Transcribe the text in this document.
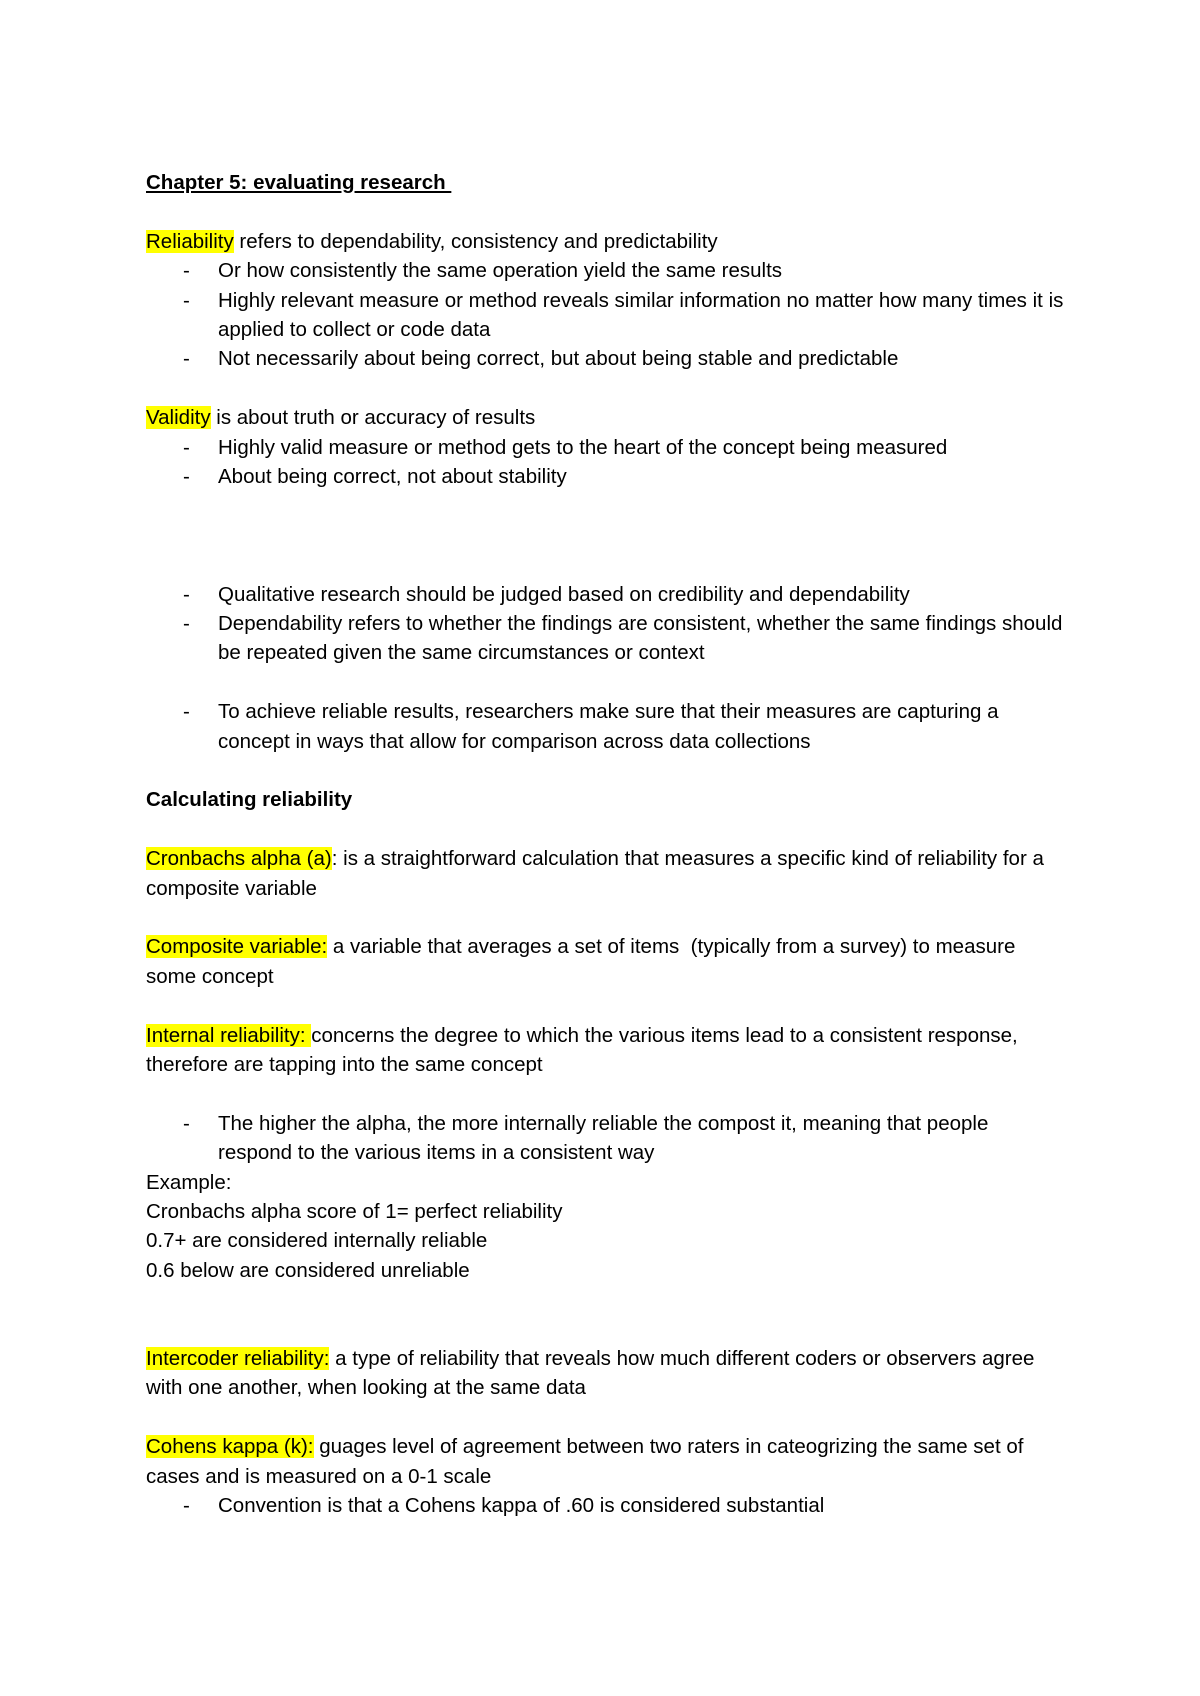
Chapter 5: evaluating research

Reliability refers to dependability, consistency and predictability

- Or how consistently the same operation yield the same results
- Highly relevant measure or method reveals similar information no matter how many times it is applied to collect or code data
- Not necessarily about being correct, but about being stable and predictable

Validity is about truth or accuracy of results

- Highly valid measure or method gets to the heart of the concept being measured
- About being correct, not about stability
- Qualitative research should be judged based on credibility and dependability
- Dependability refers to whether the findings are consistent, whether the same findings should be repeated given the same circumstances or context
- To achieve reliable results, researchers make sure that their measures are capturing a concept in ways that allow for comparison across data collections

Calculating reliability

Cronbachs alpha (a): is a straightforward calculation that measures a specific kind of reliability for a composite variable

Composite variable: a variable that averages a set of items  (typically from a survey) to measure some concept

Internal reliability: concerns the degree to which the various items lead to a consistent response, therefore are tapping into the same concept

- The higher the alpha, the more internally reliable the compost it, meaning that people respond to the various items in a consistent way

Example:

Cronbachs alpha score of 1= perfect reliability

0.7+ are considered internally reliable

0.6 below are considered unreliable

Intercoder reliability: a type of reliability that reveals how much different coders or observers agree with one another, when looking at the same data

Cohens kappa (k): guages level of agreement between two raters in cateogrizing the same set of cases and is measured on a 0-1 scale

- Convention is that a Cohens kappa of .60 is considered substantial
